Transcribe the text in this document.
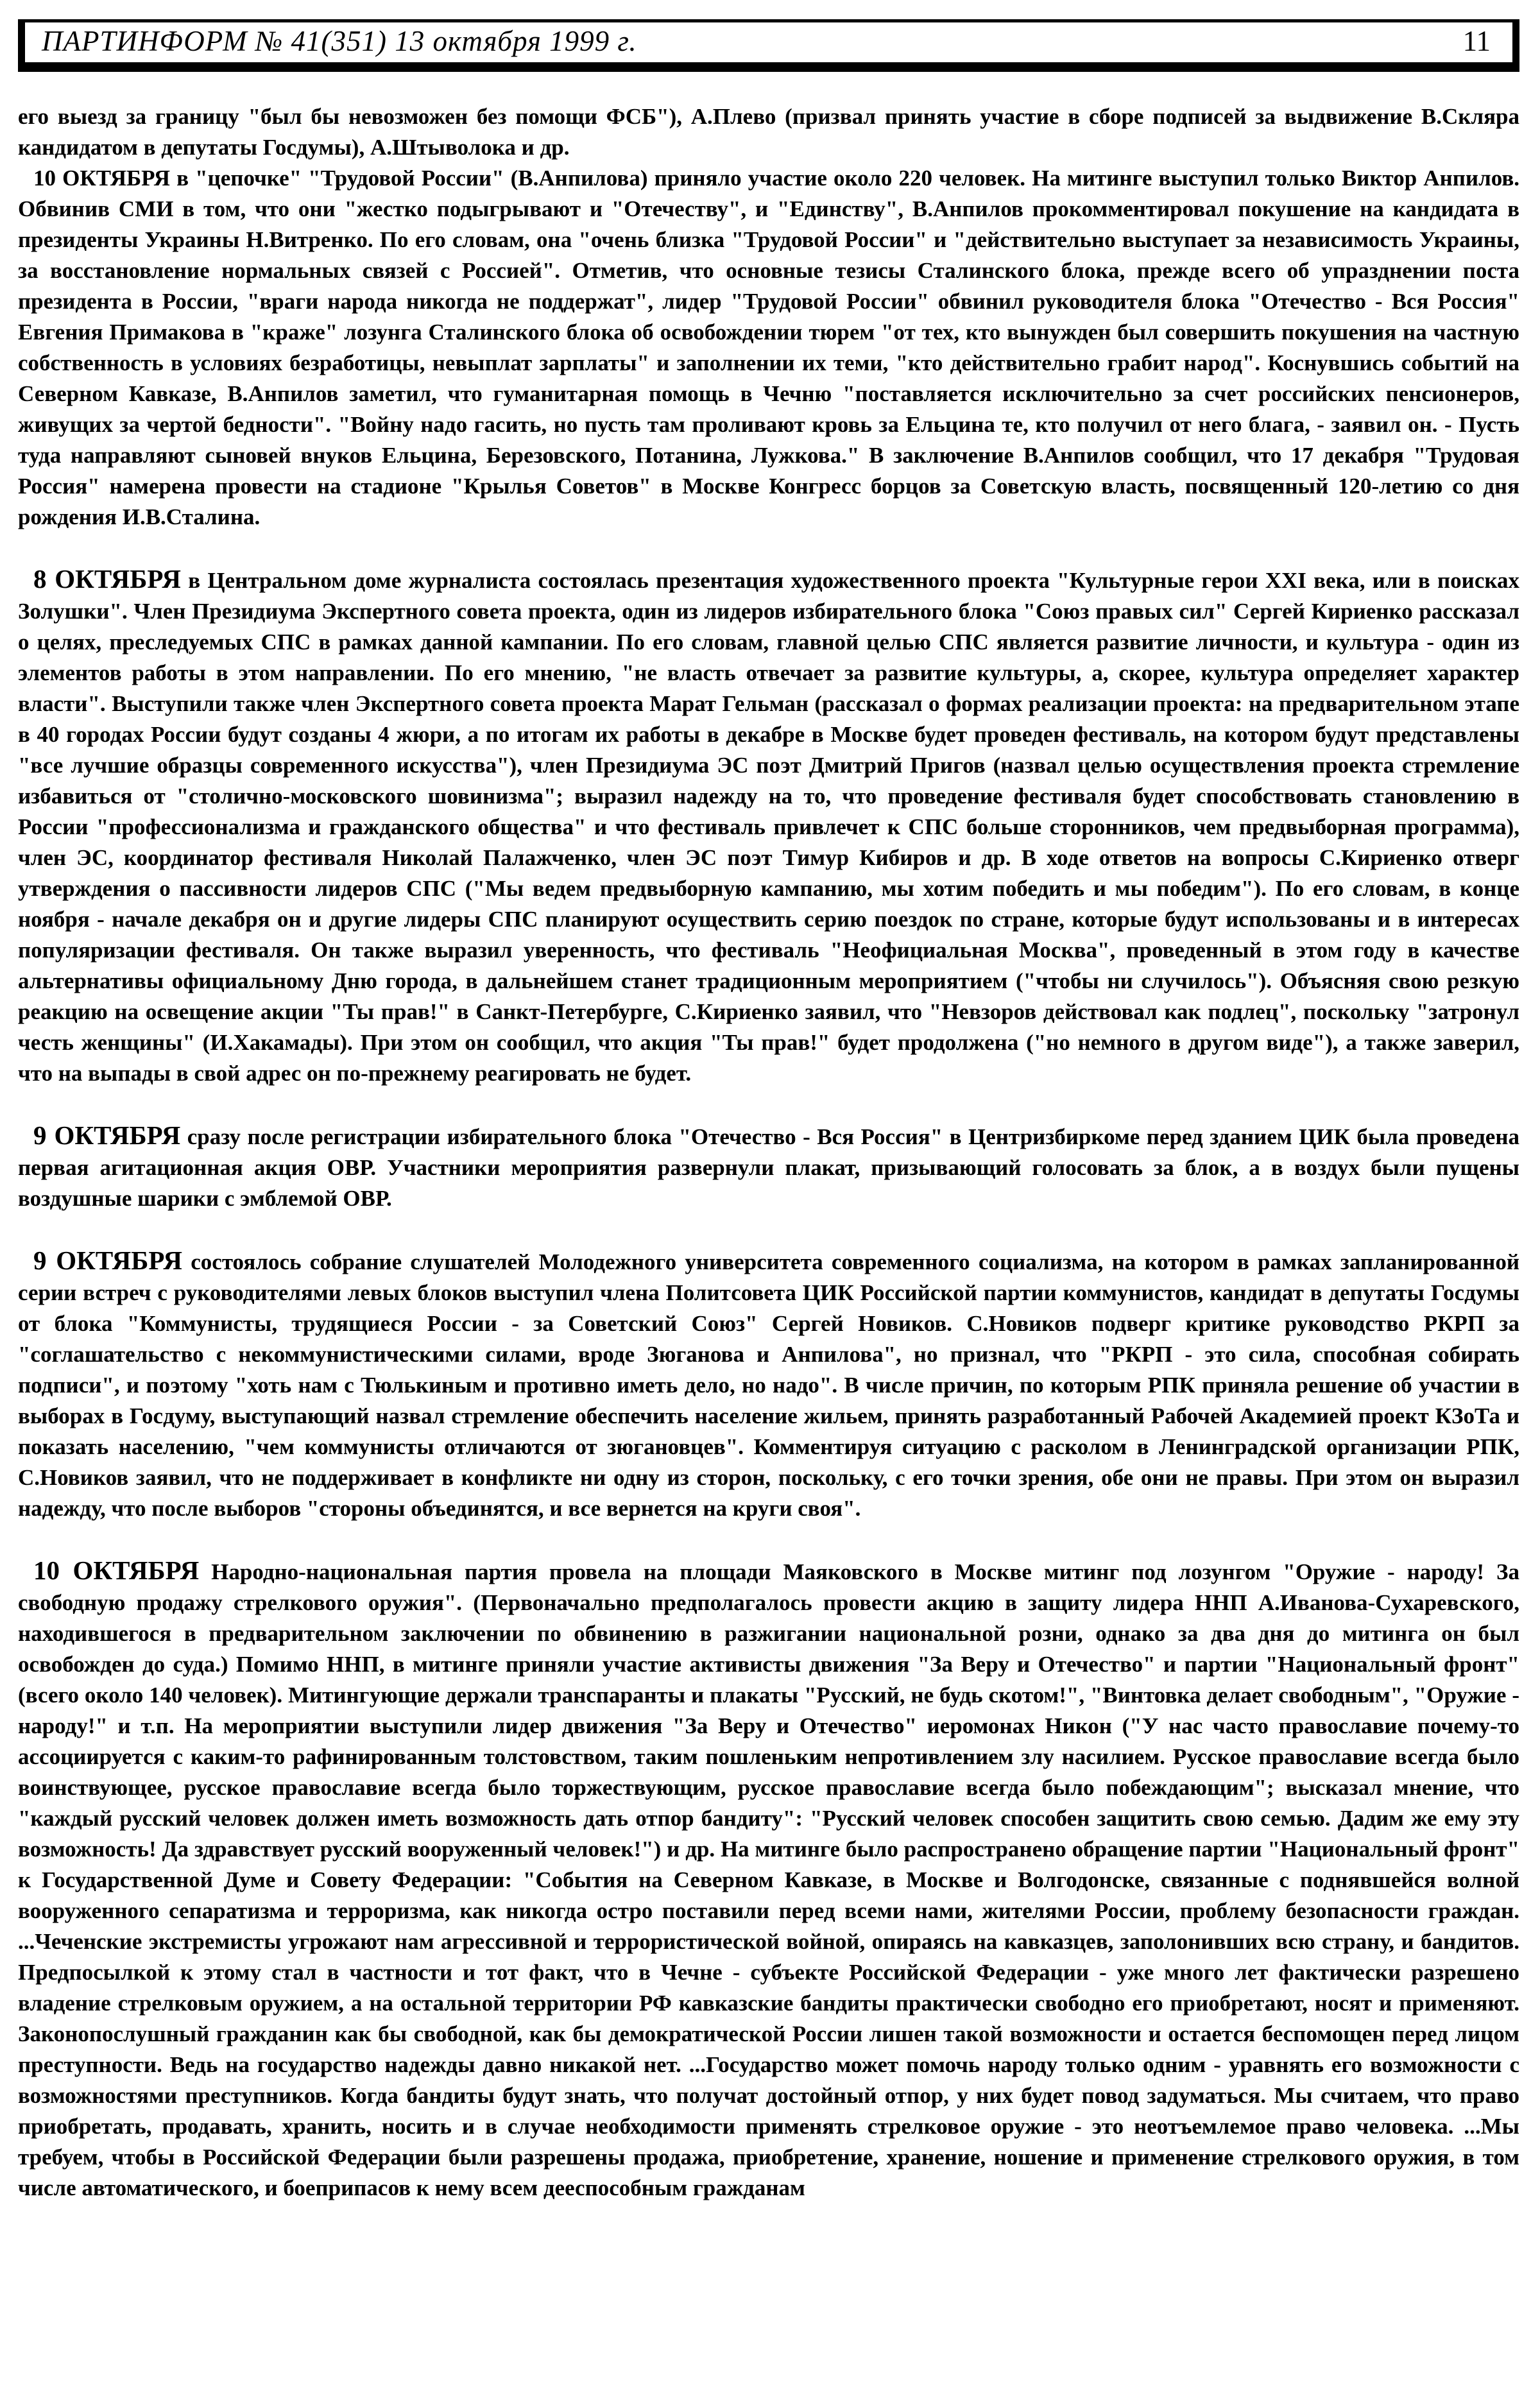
ПАРТИНФОРМ № 41(351) 13 октября 1999 г.	11

его выезд за границу "был бы невозможен без помощи ФСБ"), А.Плево (призвал принять участие в сборе подписей за выдвижение В.Скляра кандидатом в депутаты Госдумы), А.Штыволока и др.

10 ОКТЯБРЯ в "цепочке" "Трудовой России" (В.Анпилова) приняло участие около 220 человек. На митинге выступил только Виктор Анпилов. Обвинив СМИ в том, что они "жестко подыгрывают и "Отечеству", и "Единству", В.Анпилов прокомментировал покушение на кандидата в президенты Украины Н.Витренко. По его словам, она "очень близка "Трудовой России" и "действительно выступает за независимость Украины, за восстановление нормальных связей с Россией". Отметив, что основные тезисы Сталинского блока, прежде всего об упразднении поста президента в России, "враги народа никогда не поддержат", лидер "Трудовой России" обвинил руководителя блока "Отечество - Вся Россия" Евгения Примакова в "краже" лозунга Сталинского блока об освобождении тюрем "от тех, кто вынужден был совершить покушения на частную собственность в условиях безработицы, невыплат зарплаты" и заполнении их теми, "кто действительно грабит народ". Коснувшись событий на Северном Кавказе, В.Анпилов заметил, что гуманитарная помощь в Чечню "поставляется исключительно за счет российских пенсионеров, живущих за чертой бедности". "Войну надо гасить, но пусть там проливают кровь за Ельцина те, кто получил от него блага, - заявил он. - Пусть туда направляют сыновей внуков Ельцина, Березовского, Потанина, Лужкова." В заключение В.Анпилов сообщил, что 17 декабря "Трудовая Россия" намерена провести на стадионе "Крылья Советов" в Москве Конгресс борцов за Советскую власть, посвященный 120-летию со дня рождения И.В.Сталина.

8 ОКТЯБРЯ в Центральном доме журналиста состоялась презентация художественного проекта "Культурные герои XXI века, или в поисках Золушки". Член Президиума Экспертного совета проекта, один из лидеров избирательного блока "Союз правых сил" Сергей Кириенко рассказал о целях, преследуемых СПС в рамках данной кампании. По его словам, главной целью СПС является развитие личности, и культура - один из элементов работы в этом направлении. По его мнению, "не власть отвечает за развитие культуры, а, скорее, культура определяет характер власти". Выступили также член Экспертного совета проекта Марат Гельман (рассказал о формах реализации проекта: на предварительном этапе в 40 городах России будут созданы 4 жюри, а по итогам их работы в декабре в Москве будет проведен фестиваль, на котором будут представлены "все лучшие образцы современного искусства"), член Президиума ЭС поэт Дмитрий Пригов (назвал целью осуществления проекта стремление избавиться от "столично-московского шовинизма"; выразил надежду на то, что проведение фестиваля будет способствовать становлению в России "профессионализма и гражданского общества" и что фестиваль привлечет к СПС больше сторонников, чем предвыборная программа), член ЭС, координатор фестиваля Николай Палажченко, член ЭС поэт Тимур Кибиров и др. В ходе ответов на вопросы С.Кириенко отверг утверждения о пассивности лидеров СПС ("Мы ведем предвыборную кампанию, мы хотим победить и мы победим"). По его словам, в конце ноября - начале декабря он и другие лидеры СПС планируют осуществить серию поездок по стране, которые будут использованы и в интересах популяризации фестиваля. Он также выразил уверенность, что фестиваль "Неофициальная Москва", проведенный в этом году в качестве альтернативы официальному Дню города, в дальнейшем станет традиционным мероприятием ("чтобы ни случилось"). Объясняя свою резкую реакцию на освещение акции "Ты прав!" в Санкт-Петербурге, С.Кириенко заявил, что "Невзоров действовал как подлец", поскольку "затронул честь женщины" (И.Хакамады). При этом он сообщил, что акция "Ты прав!" будет продолжена ("но немного в другом виде"), а также заверил, что на выпады в свой адрес он по-прежнему реагировать не будет.

9 ОКТЯБРЯ сразу после регистрации избирательного блока "Отечество - Вся Россия" в Центризбиркоме перед зданием ЦИК была проведена первая агитационная акция ОВР. Участники мероприятия развернули плакат, призывающий голосовать за блок, а в воздух были пущены воздушные шарики с эмблемой ОВР.

9 ОКТЯБРЯ состоялось собрание слушателей Молодежного университета современного социализма, на котором в рамках запланированной серии встреч с руководителями левых блоков выступил члена Политсовета ЦИК Российской партии коммунистов, кандидат в депутаты Госдумы от блока "Коммунисты, трудящиеся России - за Советский Союз" Сергей Новиков. С.Новиков подверг критике руководство РКРП за "соглашательство с некоммунистическими силами, вроде Зюганова и Анпилова", но признал, что "РКРП - это сила, способная собирать подписи", и поэтому "хоть нам с Тюлькиным и противно иметь дело, но надо". В числе причин, по которым РПК приняла решение об участии в выборах в Госдуму, выступающий назвал стремление обеспечить население жильем, принять разработанный Рабочей Академией проект КЗоТа и показать населению, "чем коммунисты отличаются от зюгановцев". Комментируя ситуацию с расколом в Ленинградской организации РПК, С.Новиков заявил, что не поддерживает в конфликте ни одну из сторон, поскольку, с его точки зрения, обе они не правы. При этом он выразил надежду, что после выборов "стороны объединятся, и все вернется на круги своя".

10 ОКТЯБРЯ Народно-национальная партия провела на площади Маяковского в Москве митинг под лозунгом "Оружие - народу! За свободную продажу стрелкового оружия". (Первоначально предполагалось провести акцию в защиту лидера ННП А.Иванова-Сухаревского, находившегося в предварительном заключении по обвинению в разжигании национальной розни, однако за два дня до митинга он был освобожден до суда.) Помимо ННП, в митинге приняли участие активисты движения "За Веру и Отечество" и партии "Национальный фронт" (всего около 140 человек). Митингующие держали транспаранты и плакаты "Русский, не будь скотом!", "Винтовка делает свободным", "Оружие - народу!" и т.п. На мероприятии выступили лидер движения "За Веру и Отечество" иеромонах Никон ("У нас часто православие почему-то ассоциируется с каким-то рафинированным толстовством, таким пошленьким непротивлением злу насилием. Русское православие всегда было воинствующее, русское православие всегда было торжествующим, русское православие всегда было побеждающим"; высказал мнение, что "каждый русский человек должен иметь возможность дать отпор бандиту": "Русский человек способен защитить свою семью. Дадим же ему эту возможность! Да здравствует русский вооруженный человек!") и др. На митинге было распространено обращение партии "Национальный фронт" к Государственной Думе и Совету Федерации: "События на Северном Кавказе, в Москве и Волгодонске, связанные с поднявшейся волной вооруженного сепаратизма и терроризма, как никогда остро поставили перед всеми нами, жителями России, проблему безопасности граждан. ...Чеченские экстремисты угрожают нам агрессивной и террористической войной, опираясь на кавказцев, заполонивших всю страну, и бандитов. Предпосылкой к этому стал в частности и тот факт, что в Чечне - субъекте Российской Федерации - уже много лет фактически разрешено владение стрелковым оружием, а на остальной территории РФ кавказские бандиты практически свободно его приобретают, носят и применяют. Законопослушный гражданин как бы свободной, как бы демократической России лишен такой возможности и остается беспомощен перед лицом преступности. Ведь на государство надежды давно никакой нет. ...Государство может помочь народу только одним - уравнять его возможности с возможностями преступников. Когда бандиты будут знать, что получат достойный отпор, у них будет повод задуматься. Мы считаем, что право приобретать, продавать, хранить, носить и в случае необходимости применять стрелковое оружие - это неотъемлемое право человека. ...Мы требуем, чтобы в Российской Федерации были разрешены продажа, приобретение, хранение, ношение и применение стрелкового оружия, в том числе автоматического, и боеприпасов к нему всем дееспособным гражданам
